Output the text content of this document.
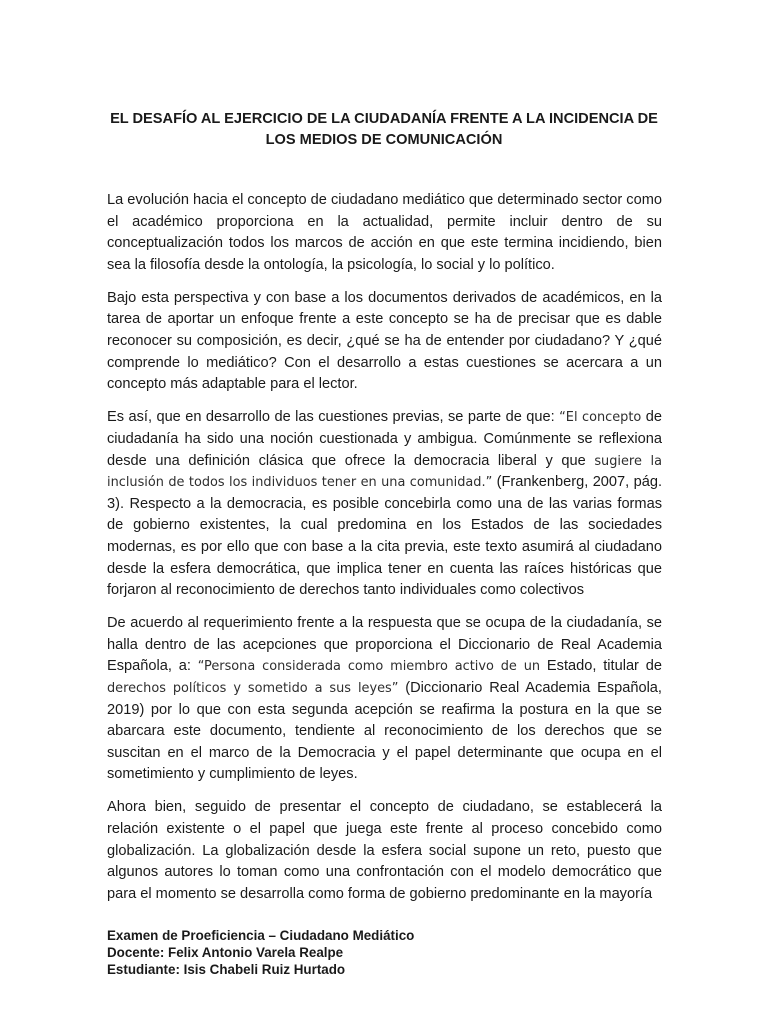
EL DESAFÍO AL EJERCICIO DE LA CIUDADANÍA FRENTE A LA INCIDENCIA DE LOS MEDIOS DE COMUNICACIÓN

La evolución hacia el concepto de ciudadano mediático que determinado sector como el académico proporciona en la actualidad, permite incluir dentro de su conceptualización todos los marcos de acción en que este termina incidiendo, bien sea la filosofía desde la ontología, la psicología, lo social y lo político.

Bajo esta perspectiva y con base a los documentos derivados de académicos, en la tarea de aportar un enfoque frente a este concepto se ha de precisar que es dable reconocer su composición, es decir, ¿qué se ha de entender por ciudadano? Y ¿qué comprende lo mediático? Con el desarrollo a estas cuestiones se acercara a un concepto más adaptable para el lector.

Es así, que en desarrollo de las cuestiones previas, se parte de que: “El concepto de ciudadanía ha sido una noción cuestionada y ambigua. Comúnmente se reflexiona desde una definición clásica que ofrece la democracia liberal y que sugiere la inclusión de todos los individuos tener en una comunidad.” (Frankenberg, 2007, pág. 3). Respecto a la democracia, es posible concebirla como una de las varias formas de gobierno existentes, la cual predomina en los Estados de las sociedades modernas, es por ello que con base a la cita previa, este texto asumirá al ciudadano desde la esfera democrática, que implica tener en cuenta las raíces históricas que forjaron al reconocimiento de derechos tanto individuales como colectivos

De acuerdo al requerimiento frente a la respuesta que se ocupa de la ciudadanía, se halla dentro de las acepciones que proporciona el Diccionario de Real Academia Española, a: “Persona considerada como miembro activo de un Estado, titular de derechos políticos y sometido a sus leyes” (Diccionario Real Academia Española, 2019) por lo que con esta segunda acepción se reafirma la postura en la que se abarcara este documento, tendiente al reconocimiento de los derechos que se suscitan en el marco de la Democracia y el papel determinante que ocupa en el sometimiento y cumplimiento de leyes.

Ahora bien, seguido de presentar el concepto de ciudadano, se establecerá la relación existente o el papel que juega este frente al proceso concebido como globalización. La globalización desde la esfera social supone un reto, puesto que algunos autores lo toman como una confrontación con el modelo democrático que para el momento se desarrolla como forma de gobierno predominante en la mayoría

Examen de Proeficiencia – Ciudadano Mediático
Docente: Felix Antonio Varela Realpe
Estudiante: Isis Chabeli Ruiz Hurtado
